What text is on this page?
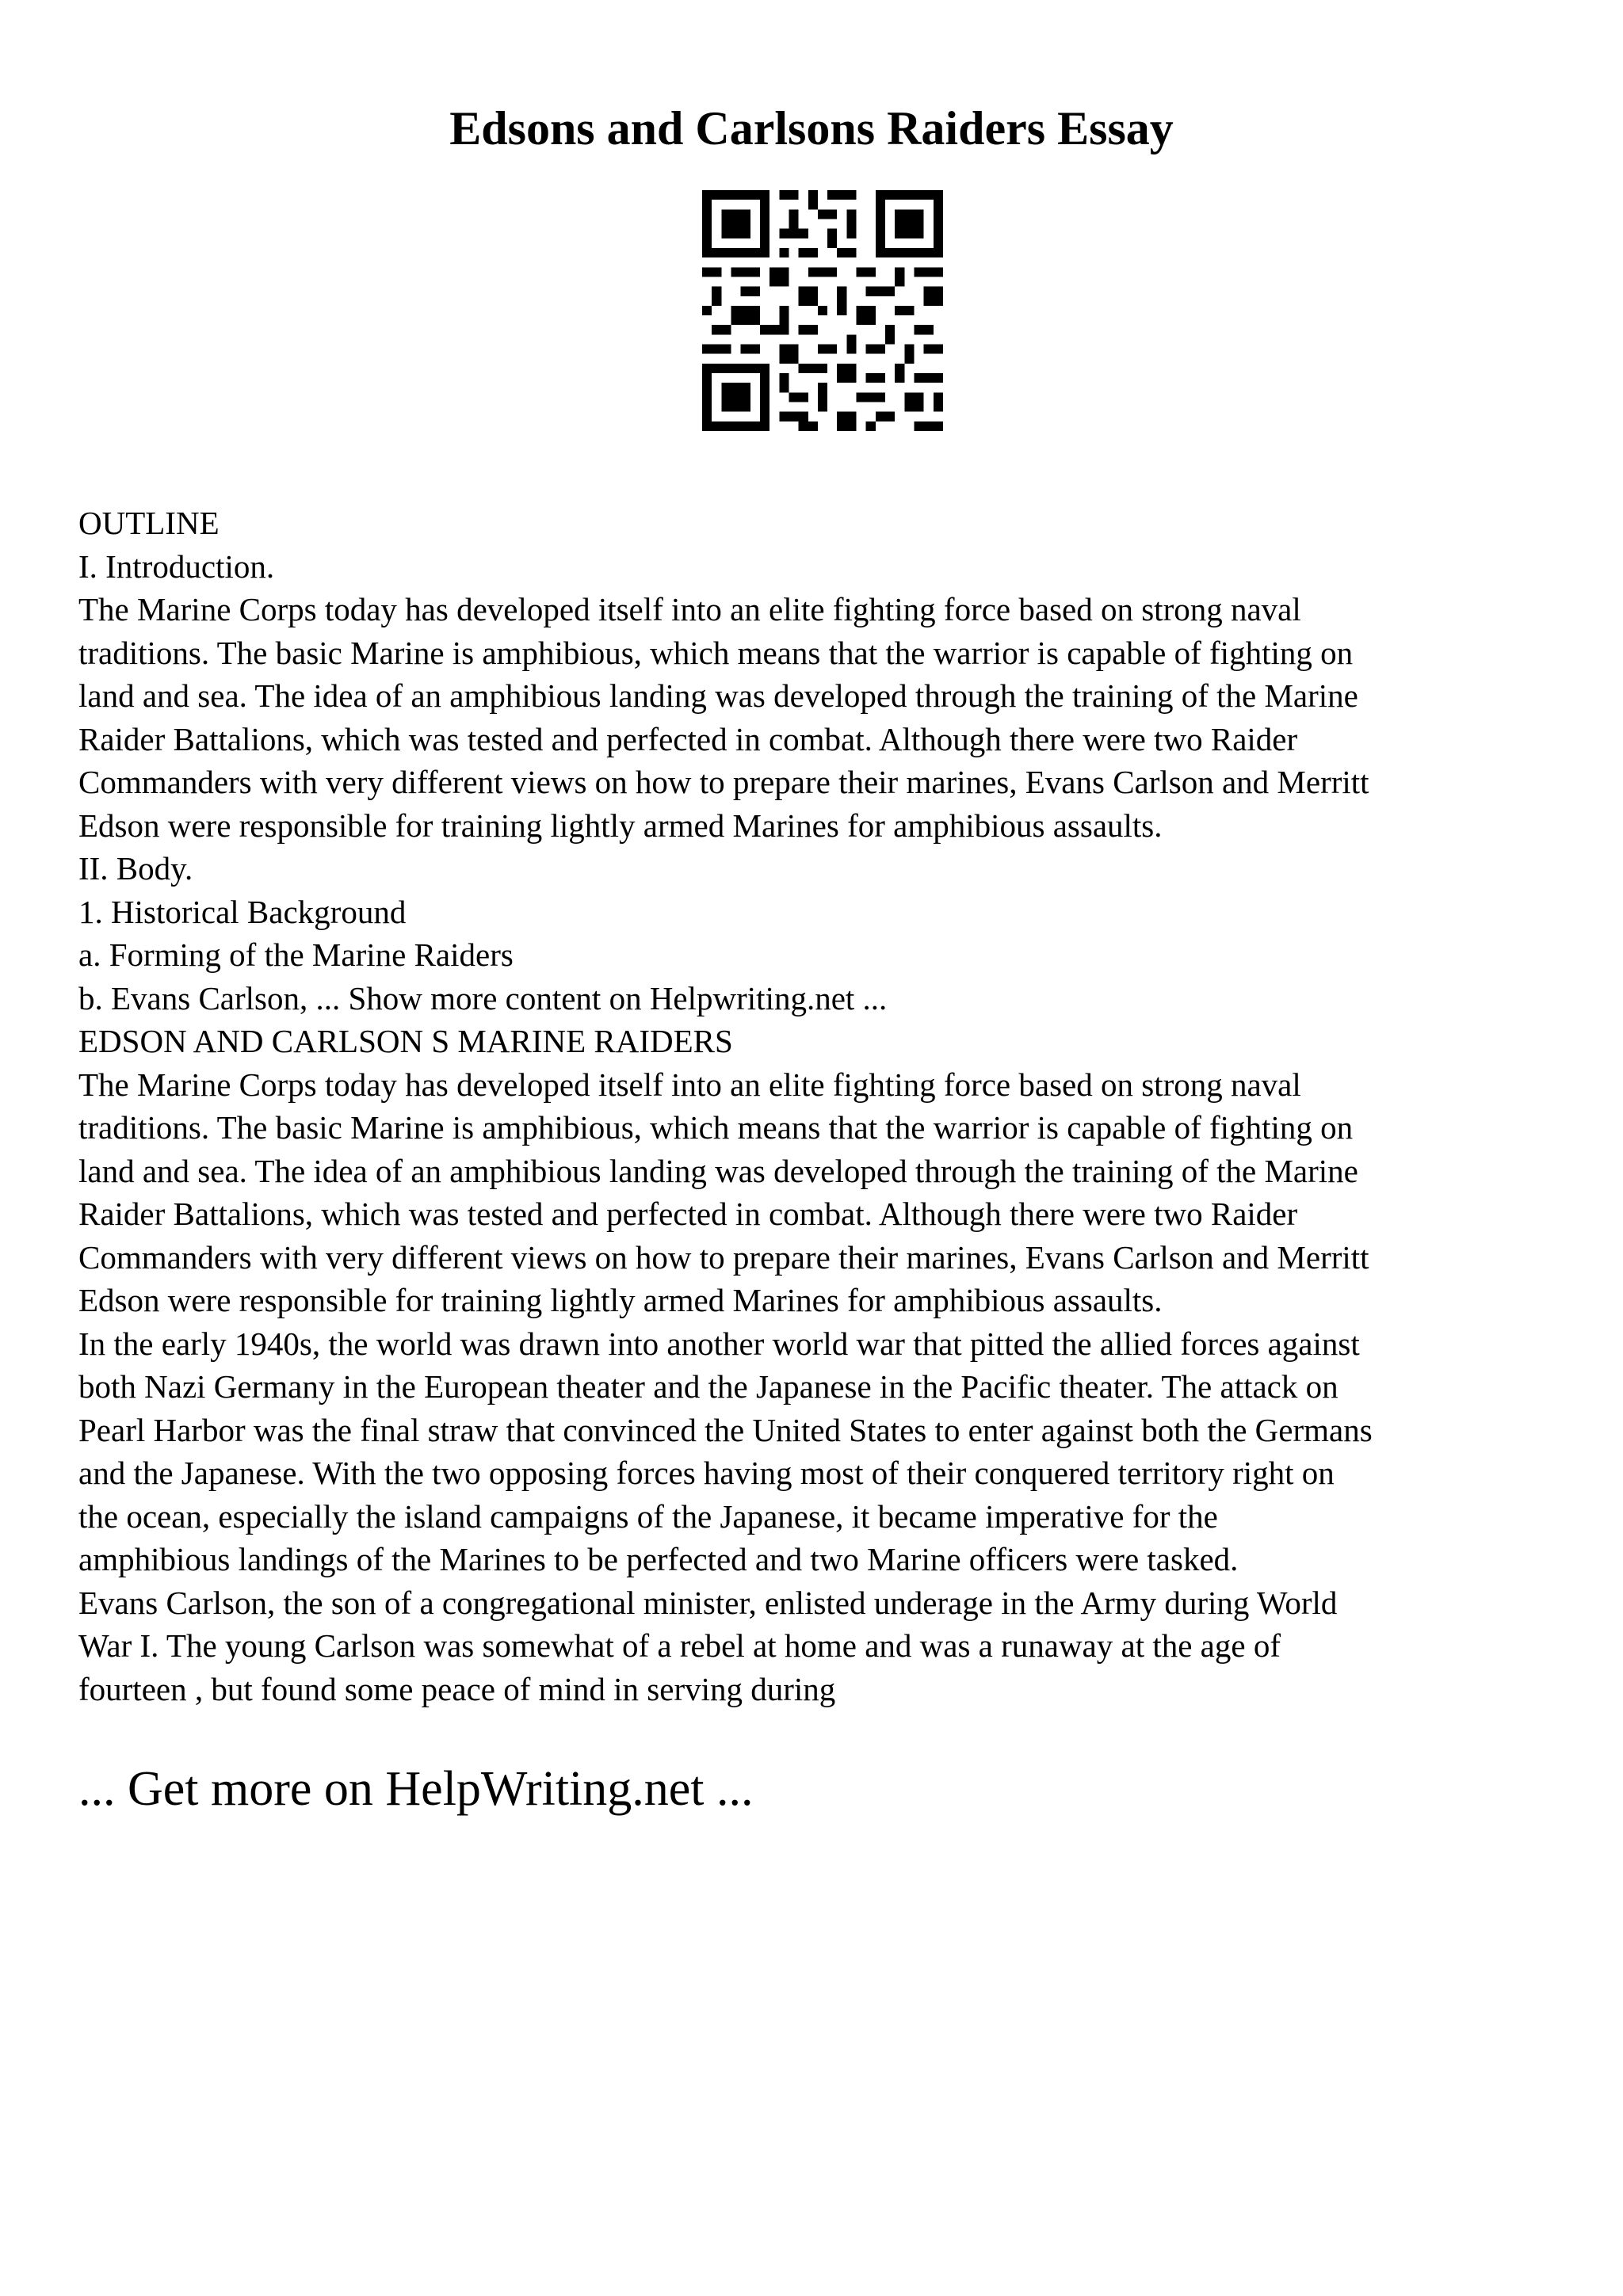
Edsons and Carlsons Raiders Essay

OUTLINE

I. Introduction.

The Marine Corps today has developed itself into an elite fighting force based on strong naval

traditions. The basic Marine is amphibious, which means that the warrior is capable of fighting on

land and sea. The idea of an amphibious landing was developed through the training of the Marine

Raider Battalions, which was tested and perfected in combat. Although there were two Raider

Commanders with very different views on how to prepare their marines, Evans Carlson and Merritt

Edson were responsible for training lightly armed Marines for amphibious assaults.

II. Body.

1. Historical Background

a. Forming of the Marine Raiders

b. Evans Carlson, ... Show more content on Helpwriting.net ...

EDSON AND CARLSON S MARINE RAIDERS

The Marine Corps today has developed itself into an elite fighting force based on strong naval

traditions. The basic Marine is amphibious, which means that the warrior is capable of fighting on

land and sea. The idea of an amphibious landing was developed through the training of the Marine

Raider Battalions, which was tested and perfected in combat. Although there were two Raider

Commanders with very different views on how to prepare their marines, Evans Carlson and Merritt

Edson were responsible for training lightly armed Marines for amphibious assaults.

In the early 1940s, the world was drawn into another world war that pitted the allied forces against

both Nazi Germany in the European theater and the Japanese in the Pacific theater. The attack on

Pearl Harbor was the final straw that convinced the United States to enter against both the Germans

and the Japanese. With the two opposing forces having most of their conquered territory right on

the ocean, especially the island campaigns of the Japanese, it became imperative for the

amphibious landings of the Marines to be perfected and two Marine officers were tasked.

Evans Carlson, the son of a congregational minister, enlisted underage in the Army during World

War I. The young Carlson was somewhat of a rebel at home and was a runaway at the age of

fourteen , but found some peace of mind in serving during

... Get more on HelpWriting.net ...
